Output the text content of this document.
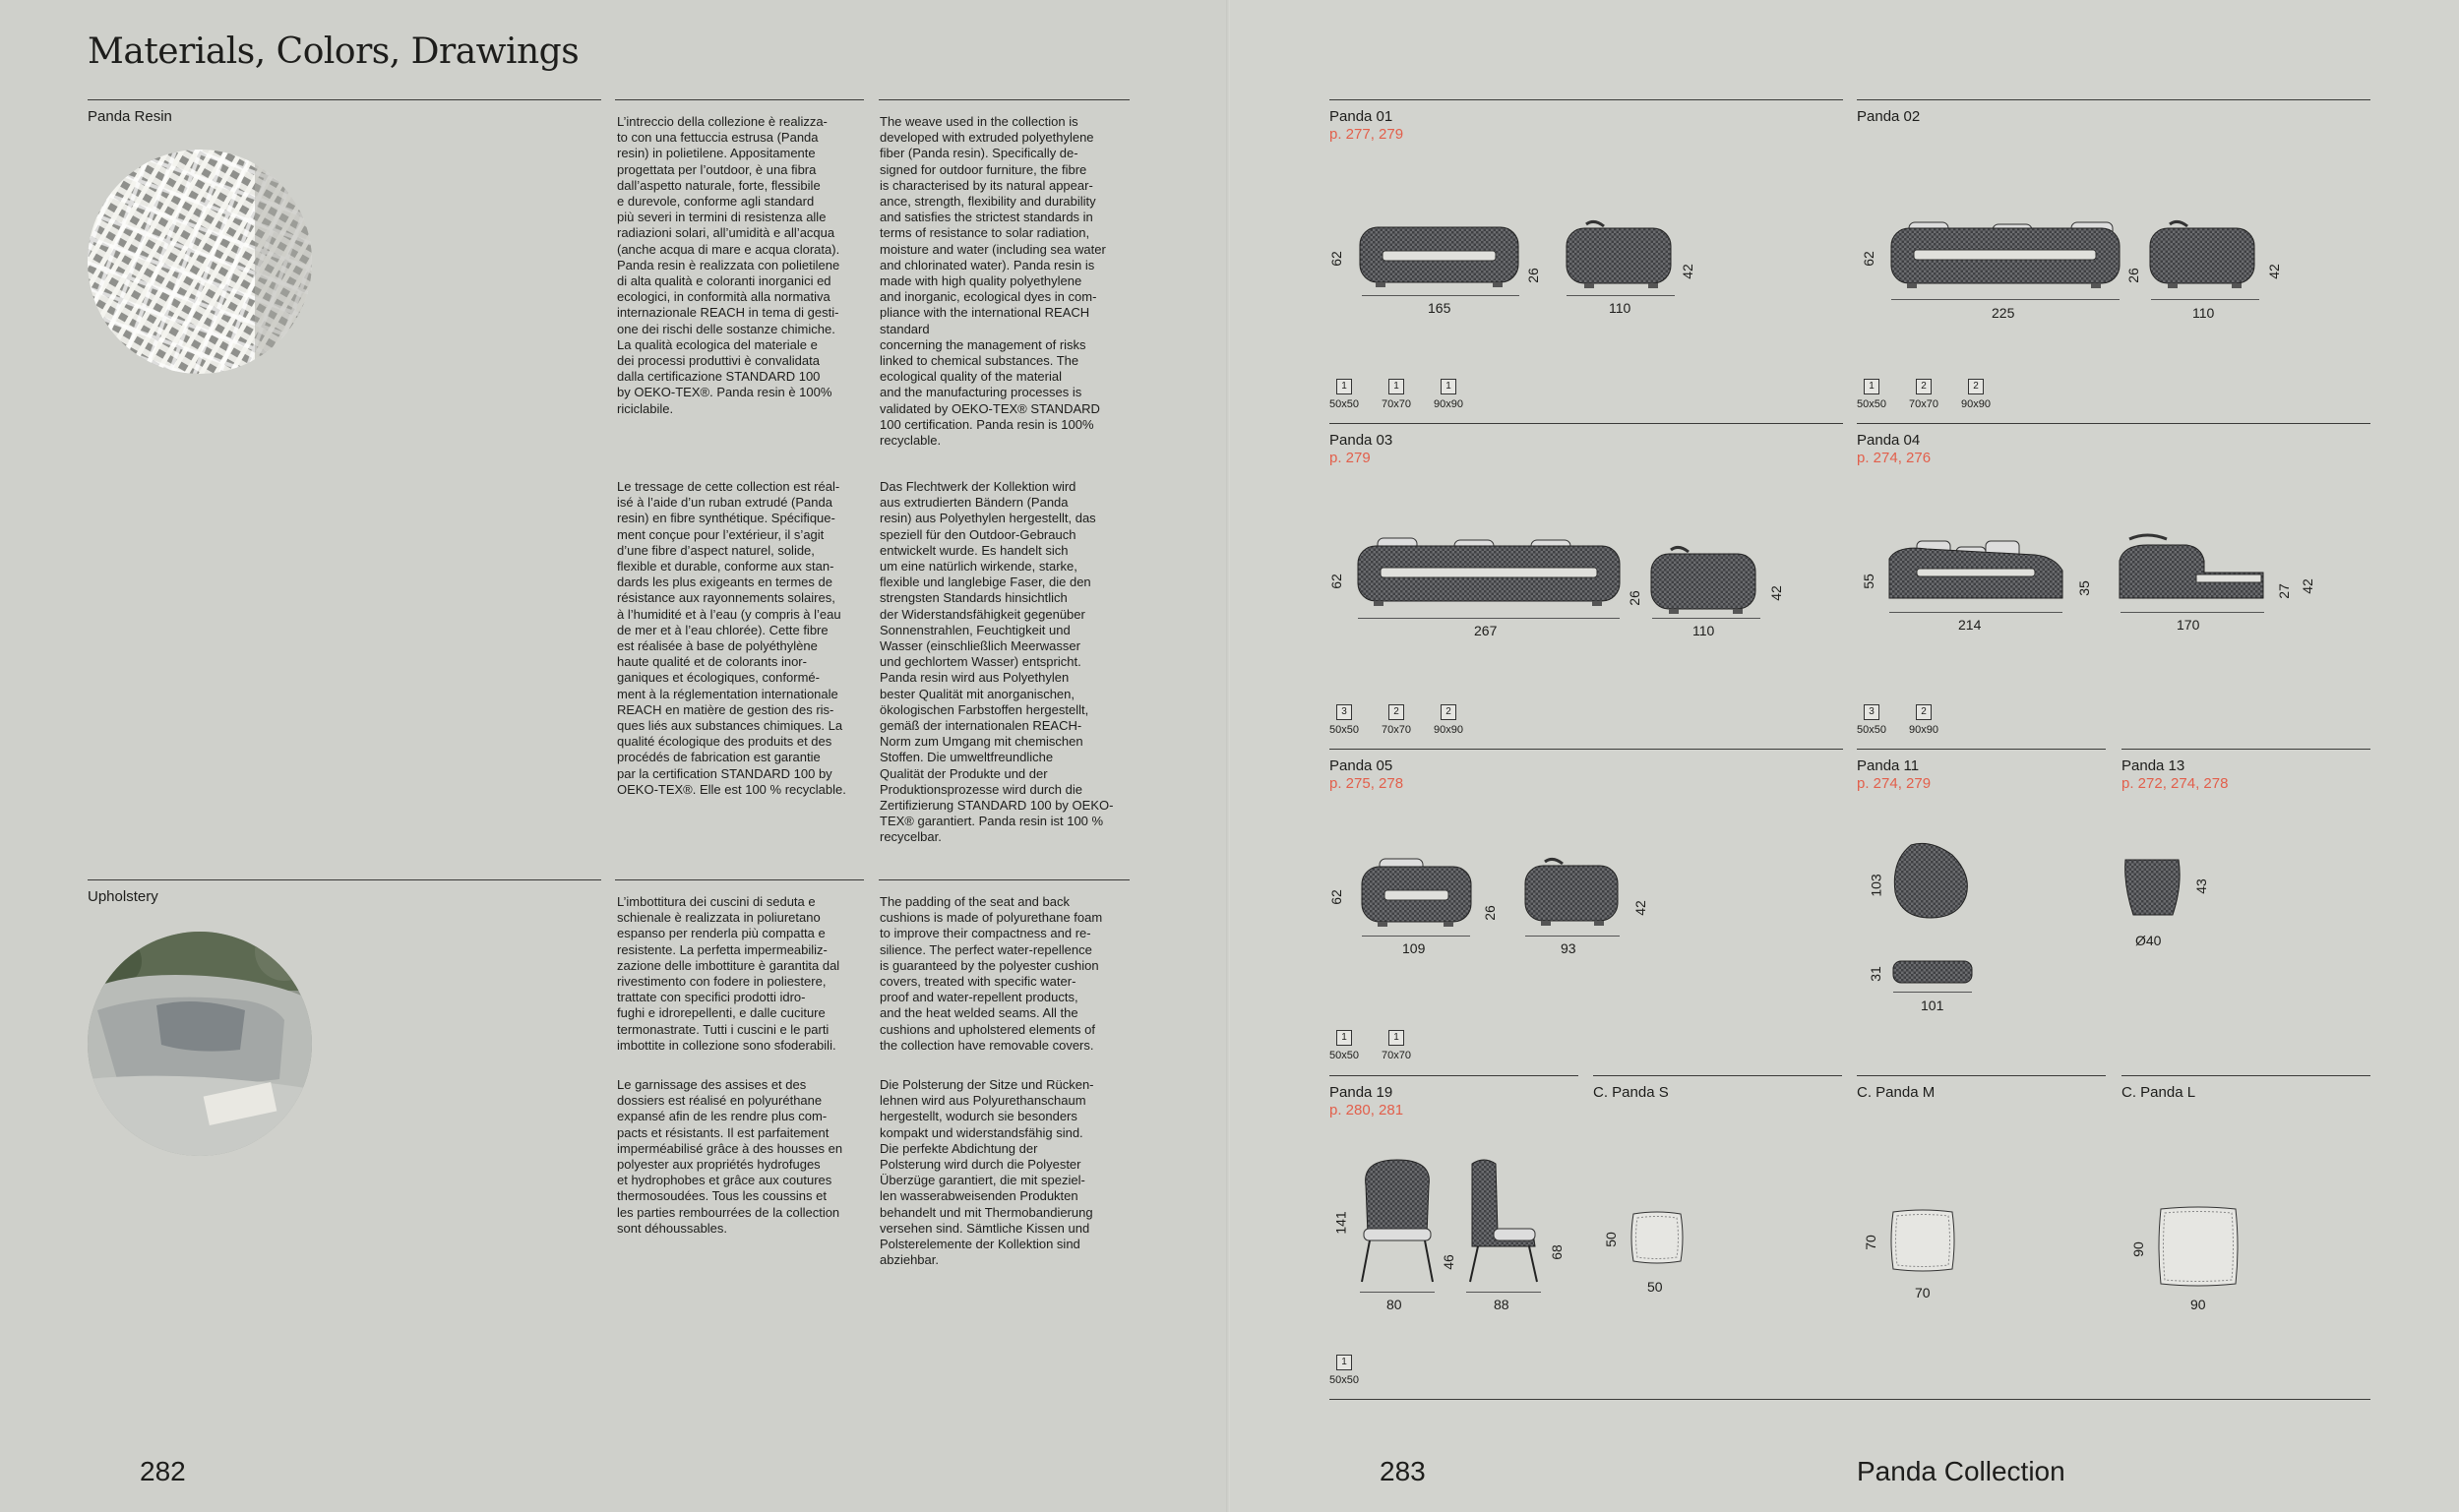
Materials, Colors, Drawings
Panda Resin	L’intreccio della collezione è realizza-
to con una fettuccia estrusa (Panda
resin) in polietilene. Appositamente
progettata per l’outdoor, è una fibra
dall’aspetto naturale, forte, flessibile
e durevole, conforme agli standard
più severi in termini di resistenza alle
radiazioni solari, all’umidità e all’acqua
(anche acqua di mare e acqua clorata).
Panda resin è realizzata con polietilene
di alta qualità e coloranti inorganici ed
ecologici, in conformità alla normativa
internazionale REACH in tema di gesti-
one dei rischi delle sostanze chimiche.
La qualità ecologica del materiale e
dei processi produttivi è convalidata
dalla certificazione STANDARD 100
by OEKO-TEX®. Panda resin è 100%
riciclabile.
The weave used in the collection is
developed with extruded polyethylene
fiber (Panda resin). Specifically de-
signed for outdoor furniture, the fibre
is characterised by its natural appear-
ance, strength, flexibility and durability
and satisfies the strictest standards in
terms of resistance to solar radiation,
moisture and water (including sea water
and chlorinated water). Panda resin is
made with high quality polyethylene
and inorganic, ecological dyes in com-
pliance with the international REACH
standard
concerning the management of risks
linked to chemical substances. The
ecological quality of the material
and the manufacturing processes is
validated by OEKO-TEX® STANDARD
100 certification. Panda resin is 100%
recyclable.
Le tressage de cette collection est réal-
isé à l’aide d’un ruban extrudé (Panda
resin) en fibre synthétique. Spécifique-
ment conçue pour l’extérieur, il s’agit
d’une fibre d’aspect naturel, solide,
flexible et durable, conforme aux stan-
dards les plus exigeants en termes de
résistance aux rayonnements solaires,
à l’humidité et à l’eau (y compris à l’eau
de mer et à l’eau chlorée). Cette fibre
est réalisée à base de polyéthylène
haute qualité et de colorants inor-
ganiques et écologiques, conformé-
ment à la réglementation internationale
REACH en matière de gestion des ris-
ques liés aux substances chimiques. La
qualité écologique des produits et des
procédés de fabrication est garantie
par la certification STANDARD 100 by
OEKO-TEX®. Elle est 100 % recyclable.
Das Flechtwerk der Kollektion wird
aus extrudierten Bändern (Panda
resin) aus Polyethylen hergestellt, das
speziell für den Outdoor-Gebrauch
entwickelt wurde. Es handelt sich
um eine natürlich wirkende, starke,
flexible und langlebige Faser, die den
strengsten Standards hinsichtlich
der Widerstandsfähigkeit gegenüber
Sonnenstrahlen, Feuchtigkeit und
Wasser (einschließlich Meerwasser
und gechlortem Wasser) entspricht.
Panda resin wird aus Polyethylen
bester Qualität mit anorganischen,
ökologischen Farbstoffen hergestellt,
gemäß der internationalen REACH-
Norm zum Umgang mit chemischen
Stoffen. Die umweltfreundliche
Qualität der Produkte und der
Produktionsprozesse wird durch die
Zertifizierung STANDARD 100 by OEKO-
TEX® garantiert. Panda resin ist 100 %
recycelbar.
Upholstery	L’imbottitura dei cuscini di seduta e
schienale è realizzata in poliuretano
espanso per renderla più compatta e
resistente. La perfetta impermeabiliz-
zazione delle imbottiture è garantita dal
rivestimento con fodere in poliestere,
trattate con specifici prodotti idro-
fughi e idrorepellenti, e dalle cuciture
termonastrate. Tutti i cuscini e le parti
imbottite in collezione sono sfoderabili.
The padding of the seat and back
cushions is made of polyurethane foam
to improve their compactness and re-
silience. The perfect water-repellence
is guaranteed by the polyester cushion
covers, treated with specific water-
proof and water-repellent products,
and the heat welded seams. All the
cushions and upholstered elements of
the collection have removable covers.
Le garnissage des assises et des
dossiers est réalisé en polyuréthane
expansé afin de les rendre plus com-
pacts et résistants. Il est parfaitement
imperméabilisé grâce à des housses en
polyester aux propriétés hydrofuges
et hydrophobes et grâce aux coutures
thermosoudées. Tous les coussins et
les parties rembourrées de la collection
sont déhoussables.
Die Polsterung der Sitze und Rücken-
lehnen wird aus Polyurethanschaum
hergestellt, wodurch sie besonders
kompakt und widerstandsfähig sind.
Die perfekte Abdichtung der
Polsterung wird durch die Polyester
Überzüge garantiert, die mit speziel-
len wasserabweisenden Produkten
behandelt und mit Thermobandierung
versehen sind. Sämtliche Kissen und
Polsterelemente der Kollektion sind
abziehbar.
282
Panda 01
p. 277, 279
62
165
26
110
42
1
50x50
1
70x70
1
90x90
Panda 02
62
225
26
110
42
1
50x50
2
70x70
2
90x90
Panda 03
p. 279
62
267
26
110
42
3
50x50
2
70x70
2
90x90
Panda 04
p. 274, 276
55
214
35
170
27 42
3
50x50
2
90x90
Panda 05
p. 275, 278
62
109
26
93
42
1
50x50
1
70x70
Panda 11
p. 274, 279
103
31
101
Panda 13
p. 272, 274, 278
43
Ø40
Panda 19
p. 280, 281
141
80
46
88
68
1
50x50
C. Panda S
50
50
C. Panda M
70
70
C. Panda L
90
90
283	Panda Collection
